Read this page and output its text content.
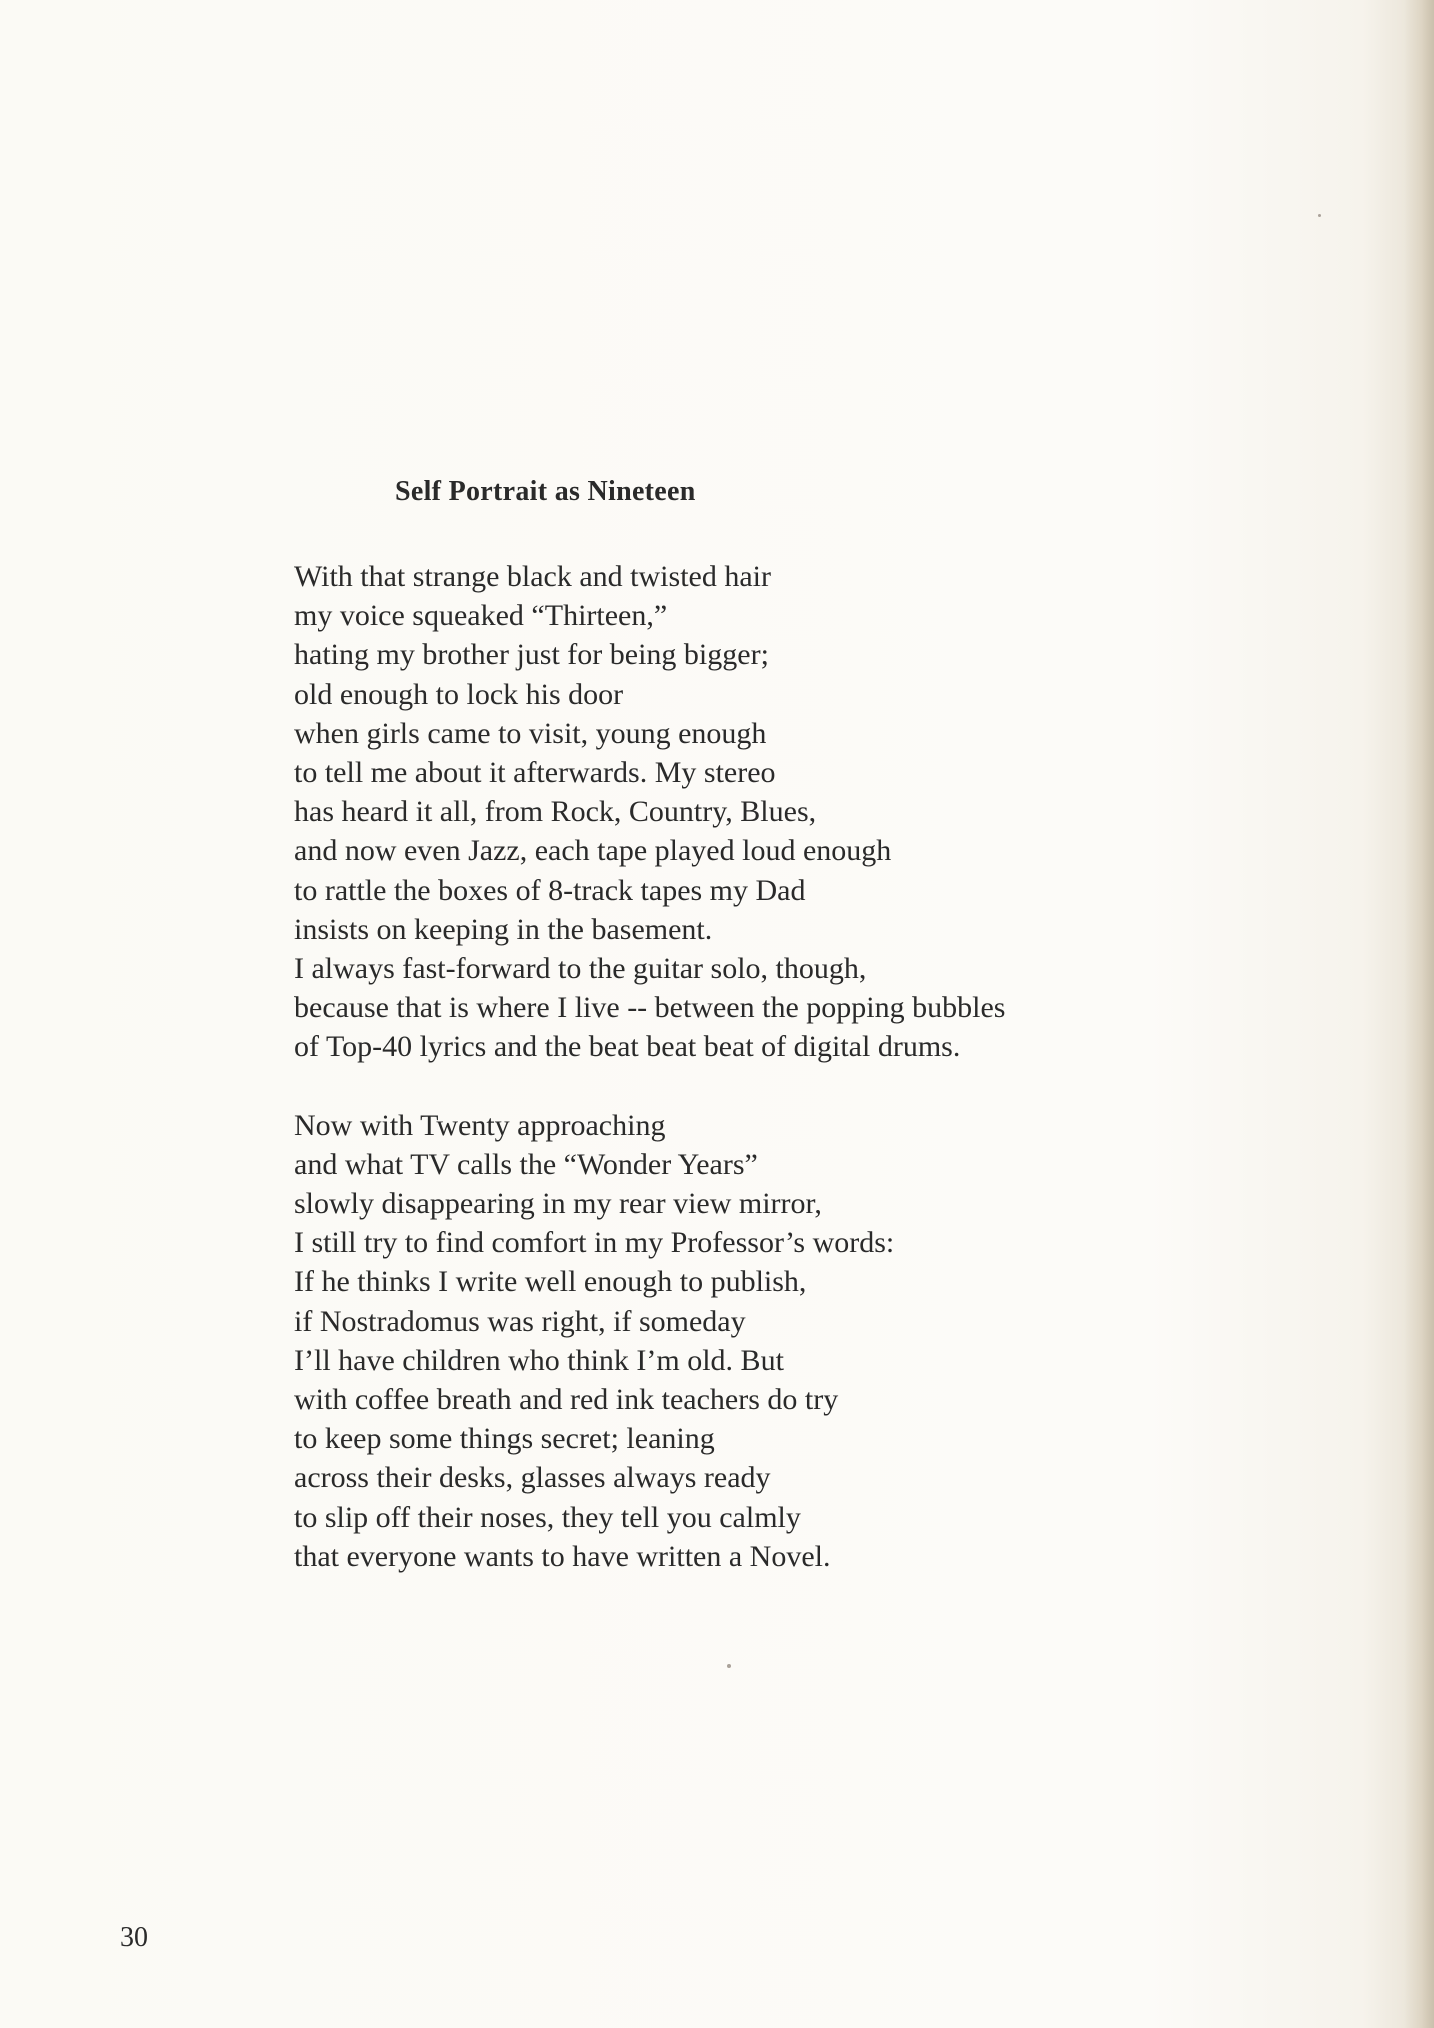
Self Portrait as Nineteen
With that strange black and twisted hair
my voice squeaked “Thirteen,”
hating my brother just for being bigger;
old enough to lock his door
when girls came to visit, young enough
to tell me about it afterwards. My stereo
has heard it all, from Rock, Country, Blues,
and now even Jazz, each tape played loud enough
to rattle the boxes of 8-track tapes my Dad
insists on keeping in the basement.
I always fast-forward to the guitar solo, though,
because that is where I live -- between the popping bubbles
of Top-40 lyrics and the beat beat beat of digital drums.
Now with Twenty approaching
and what TV calls the “Wonder Years”
slowly disappearing in my rear view mirror,
I still try to find comfort in my Professor’s words:
If he thinks I write well enough to publish,
if Nostradomus was right, if someday
I’ll have children who think I’m old. But
with coffee breath and red ink teachers do try
to keep some things secret; leaning
across their desks, glasses always ready
to slip off their noses, they tell you calmly
that everyone wants to have written a Novel.
30
